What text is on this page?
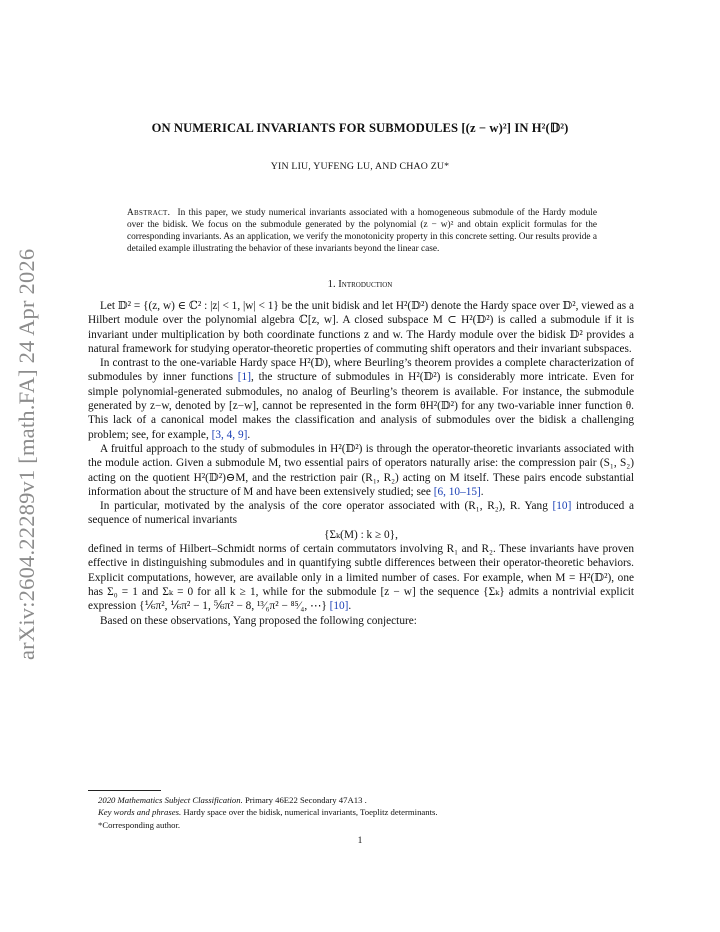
arXiv:2604.22289v1 [math.FA] 24 Apr 2026
ON NUMERICAL INVARIANTS FOR SUBMODULES [(z − w)²] IN H²(𝔻²)
YIN LIU, YUFENG LU, AND CHAO ZU*
Abstract. In this paper, we study numerical invariants associated with a homogeneous submodule of the Hardy module over the bidisk. We focus on the submodule generated by the polynomial (z − w)² and obtain explicit formulas for the corresponding invariants. As an application, we verify the monotonicity property in this concrete setting. Our results provide a detailed example illustrating the behavior of these invariants beyond the linear case.
1. Introduction

Let 𝔻² = {(z, w) ∈ ℂ² : |z| < 1, |w| < 1} be the unit bidisk and let H²(𝔻²) denote the Hardy space over 𝔻², viewed as a Hilbert module over the polynomial algebra ℂ[z, w]. A closed subspace M ⊂ H²(𝔻²) is called a submodule if it is invariant under multiplication by both coordinate functions z and w. The Hardy module over the bidisk 𝔻² provides a natural framework for studying operator-theoretic properties of commuting shift operators and their invariant subspaces.

In contrast to the one-variable Hardy space H²(𝔻), where Beurling’s theorem provides a complete characterization of submodules by inner functions [1], the structure of submodules in H²(𝔻²) is considerably more intricate. Even for simple polynomial-generated submodules, no analog of Beurling’s theorem is available. For instance, the submodule generated by z−w, denoted by [z−w], cannot be represented in the form θH²(𝔻²) for any two-variable inner function θ. This lack of a canonical model makes the classification and analysis of submodules over the bidisk a challenging problem; see, for example, [3, 4, 9].

A fruitful approach to the study of submodules in H²(𝔻²) is through the operator-theoretic invariants associated with the module action. Given a submodule M, two essential pairs of operators naturally arise: the compression pair (S₁, S₂) acting on the quotient H²(𝔻²)⊖M, and the restriction pair (R₁, R₂) acting on M itself. These pairs encode substantial information about the structure of M and have been extensively studied; see [6, 10–15].

In particular, motivated by the analysis of the core operator associated with (R₁, R₂), R. Yang [10] introduced a sequence of numerical invariants

{Σₖ(M) : k ≥ 0},

defined in terms of Hilbert–Schmidt norms of certain commutators involving R₁ and R₂. These invariants have proven effective in distinguishing submodules and in quantifying subtle differences between their operator-theoretic behaviors. Explicit computations, however, are available only in a limited number of cases. For example, when M = H²(𝔻²), one has Σ₀ = 1 and Σₖ = 0 for all k ≥ 1, while for the submodule [z − w] the sequence {Σₖ} admits a nontrivial explicit expression {⅙π², ⅙π² − 1, ⅚π² − 8, ¹³⁄₆π² − ⁸⁵⁄₄, ⋯} [10].

Based on these observations, Yang proposed the following conjecture:

2020 Mathematics Subject Classification. Primary 46E22 Secondary 47A13 .
Key words and phrases. Hardy space over the bidisk, numerical invariants, Toeplitz determinants.
*Corresponding author.
1
